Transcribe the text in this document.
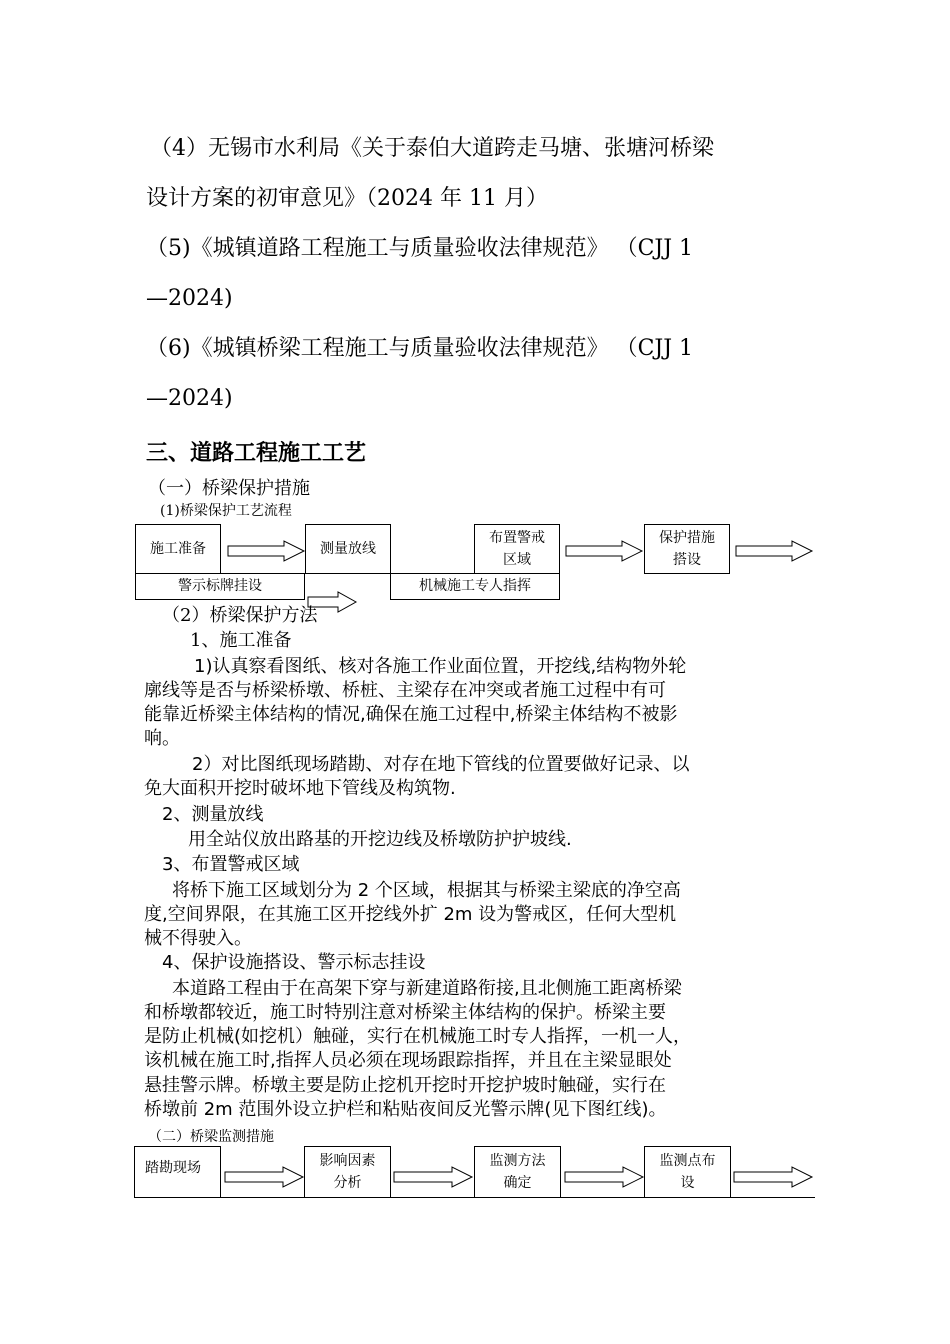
（4）无锡市水利局《关于泰伯大道跨走马塘、张塘河桥梁
设计方案的初审意见》（2024 年 11 月）
（5)《城镇道路工程施工与质量验收法律规范》 （CJJ 1
—2024)
（6)《城镇桥梁工程施工与质量验收法律规范》 （CJJ 1
—2024)
三、道路工程施工工艺
（一）桥梁保护措施
(1)桥梁保护工艺流程
施工准备	测量放线
布置警戒
区域
保护措施
搭设
警示标牌挂设	机械施工专人指挥
（2）桥梁保护方法
1、施工准备
1)认真察看图纸、核对各施工作业面位置，开挖线,结构物外轮
廓线等是否与桥梁桥墩、桥桩、主梁存在冲突或者施工过程中有可
能靠近桥梁主体结构的情况,确保在施工过程中,桥梁主体结构不被影
响。
2）对比图纸现场踏勘、对存在地下管线的位置要做好记录、以
免大面积开挖时破坏地下管线及构筑物.
2、测量放线
用全站仪放出路基的开挖边线及桥墩防护护坡线.
3、布置警戒区域
将桥下施工区域划分为 2 个区域，根据其与桥梁主梁底的净空高
度,空间界限，在其施工区开挖线外扩 2m 设为警戒区，任何大型机
械不得驶入。
4、保护设施搭设、警示标志挂设
本道路工程由于在高架下穿与新建道路衔接,且北侧施工距离桥梁
和桥墩都较近，施工时特别注意对桥梁主体结构的保护。桥梁主要
是防止机械(如挖机）触碰，实行在机械施工时专人指挥，一机一人，
该机械在施工时,指挥人员必须在现场跟踪指挥，并且在主梁显眼处
悬挂警示牌。桥墩主要是防止挖机开挖时开挖护坡时触碰，实行在
桥墩前 2m 范围外设立护栏和粘贴夜间反光警示牌(见下图红线)。
（二）桥梁监测措施
踏勘现场	影响因素
分析
监测方法
确定
监测点布
设
